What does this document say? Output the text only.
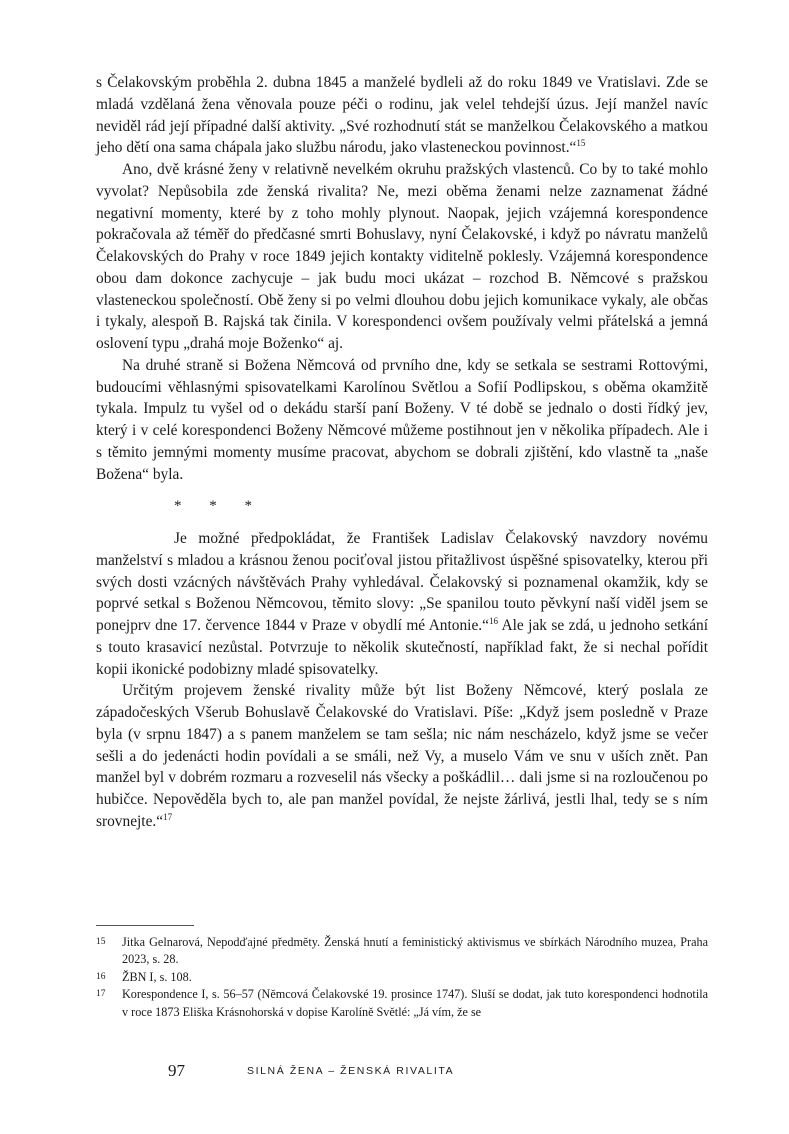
s Čelakovským proběhla 2. dubna 1845 a manželé bydleli až do roku 1849 ve Vratislavi. Zde se mladá vzdělaná žena věnovala pouze péči o rodinu, jak velel tehdejší úzus. Její manžel navíc neviděl rád její případné další aktivity. „Své rozhodnutí stát se manželkou Čelakovského a matkou jeho dětí ona sama chápala jako službu národu, jako vlasteneckou povinnost.“$^{15}$

Ano, dvě krásné ženy v relativně nevelkém okruhu pražských vlastenců. Co by to také mohlo vyvolat? Nepůsobila zde ženská rivalita? Ne, mezi oběma ženami nelze zaznamenat žádné negativní momenty, které by z toho mohly plynout. Naopak, jejich vzájemná korespondence pokračovala až téměř do předčasné smrti Bohuslavy, nyní Čelakovské, i když po návratu manželů Čelakovských do Prahy v roce 1849 jejich kontakty viditelně poklesly. Vzájemná korespondence obou dam dokonce zachycuje – jak budu moci ukázat – rozchod B. Němcové s pražskou vlasteneckou společností. Obě ženy si po velmi dlouhou dobu jejich komunikace vykaly, ale občas i tykaly, alespoň B. Rajská tak činila. V korespondenci ovšem používaly velmi přátelská a jemná oslovení typu „drahá moje Boženko“ aj.

Na druhé straně si Božena Němcová od prvního dne, kdy se setkala se sestrami Rottovými, budoucími věhlasnými spisovatelkami Karolínou Světlou a Sofií Podlipskou, s oběma okamžitě tykala. Impulz tu vyšel od o dekádu starší paní Boženy. V té době se jednalo o dosti řídký jev, který i v celé korespondenci Boženy Němcové můžeme postihnout jen v několika případech. Ale i s těmito jemnými momenty musíme pracovat, abychom se dobrali zjištění, kdo vlastně ta „naše Božena“ byla.

* * *

Je možné předpokládat, že František Ladislav Čelakovský navzdory novému manželství s mladou a krásnou ženou pociťoval jistou přitažlivost úspěšné spisovatelky, kterou při svých dosti vzácných návštěvách Prahy vyhledával. Čelakovský si poznamenal okamžik, kdy se poprvé setkal s Boženou Němcovou, těmito slovy: „Se spanilou touto pěvkyní naší viděl jsem se ponejprv dne 17. července 1844 v Praze v obydlí mé Antonie.“$^{16}$ Ale jak se zdá, u jednoho setkání s touto krasavicí nezůstal. Potvrzuje to několik skutečností, například fakt, že si nechal pořídit kopii ikonické podobizny mladé spisovatelky.

Určitým projevem ženské rivality může být list Boženy Němcové, který poslala ze západočeských Všerub Bohuslavě Čelakovské do Vratislavi. Píše: „Když jsem posledně v Praze byla (v srpnu 1847) a s panem manželem se tam sešla; nic nám nescházelo, když jsme se večer sešli a do jedenácti hodin povídali a se smáli, než Vy, a muselo Vám ve snu v uších znět. Pan manžel byl v dobrém rozmaru a rozveselil nás všecky a poškádlil… dali jsme si na rozloučenou po hubičce. Nepověděla bych to, ale pan manžel povídal, že nejste žárlivá, jestli lhal, tedy se s ním srovnejte.“$^{17}$

15 Jitka Gelnarová, Nepodďajné předměty. Ženská hnutí a feministický aktivismus ve sbírkách Národního muzea, Praha 2023, s. 28.

16 ŽBN I, s. 108.

17 Korespondence I, s. 56–57 (Němcová Čelakovské 19. prosince 1747). Sluší se dodat, jak tuto korespondenci hodnotila v roce 1873 Eliška Krásnohorská v dopise Karolíně Světlé: „Já vím, že se

97	SILNÁ ŽENA – ŽENSKÁ RIVALITA
